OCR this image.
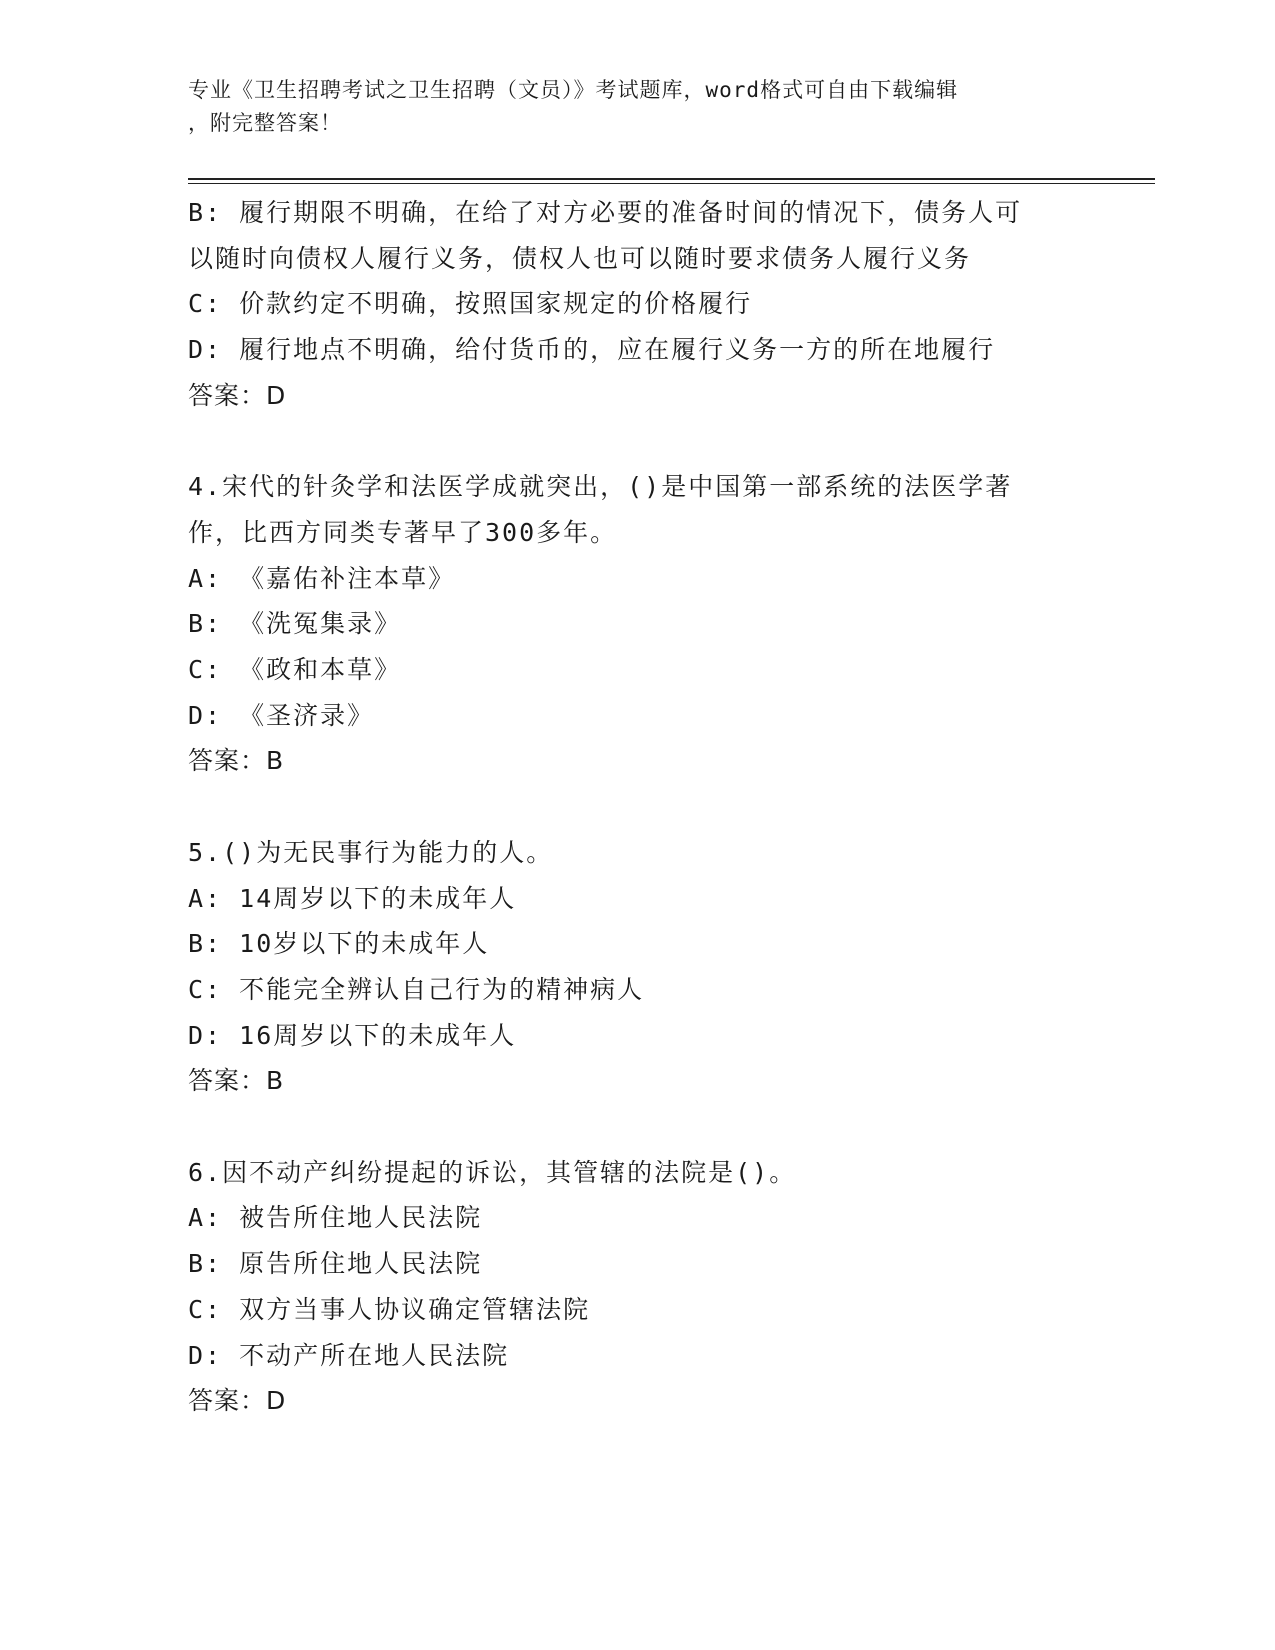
专业《卫生招聘考试之卫生招聘（文员）》考试题库，word格式可自由下载编辑
，附完整答案！
B: 履行期限不明确，在给了对方必要的准备时间的情况下，债务人可
以随时向债权人履行义务，债权人也可以随时要求债务人履行义务
C: 价款约定不明确，按照国家规定的价格履行
D: 履行地点不明确，给付货币的，应在履行义务一方的所在地履行
答案：D
4.宋代的针灸学和法医学成就突出，()是中国第一部系统的法医学著
作，比西方同类专著早了300多年。
A: 《嘉佑补注本草》
B: 《洗冤集录》
C: 《政和本草》
D: 《圣济录》
答案：B
5.()为无民事行为能力的人。
A: 14周岁以下的未成年人
B: 10岁以下的未成年人
C: 不能完全辨认自己行为的精神病人
D: 16周岁以下的未成年人
答案：B
6.因不动产纠纷提起的诉讼，其管辖的法院是()。
A: 被告所住地人民法院
B: 原告所住地人民法院
C: 双方当事人协议确定管辖法院
D: 不动产所在地人民法院
答案：D
